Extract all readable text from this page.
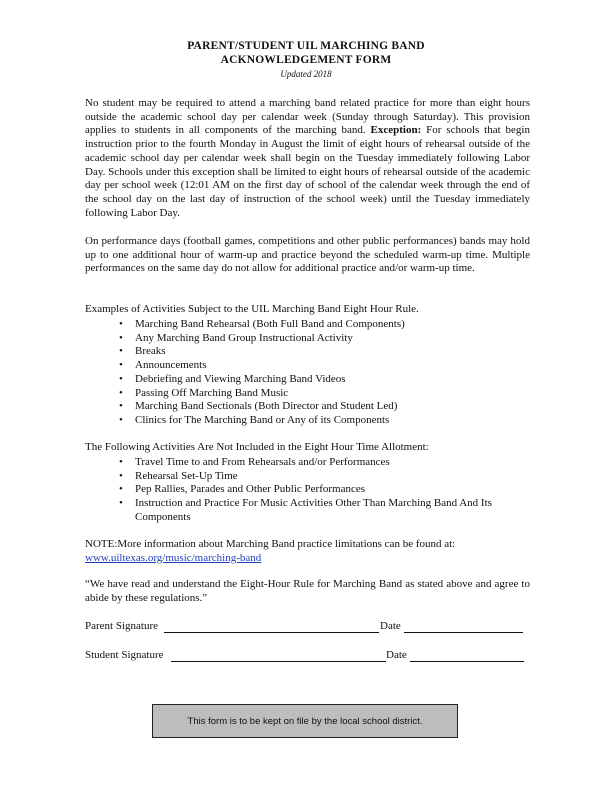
PARENT/STUDENT UIL MARCHING BAND
ACKNOWLEDGEMENT FORM
Updated 2018

No student may be required to attend a marching band related practice for more than eight hours outside the academic school day per calendar week (Sunday through Saturday). This provision applies to students in all components of the marching band. Exception: For schools that begin instruction prior to the fourth Monday in August the limit of eight hours of rehearsal outside of the academic school day per calendar week shall begin on the Tuesday immediately following Labor Day. Schools under this exception shall be limited to eight hours of rehearsal outside of the academic day per school week (12:01 AM on the first day of school of the calendar week through the end of the school day on the last day of instruction of the school week) until the Tuesday immediately following Labor Day.

On performance days (football games, competitions and other public performances) bands may hold up to one additional hour of warm-up and practice beyond the scheduled warm-up time. Multiple performances on the same day do not allow for additional practice and/or warm-up time.

Examples of Activities Subject to the UIL Marching Band Eight Hour Rule.
• Marching Band Rehearsal (Both Full Band and Components)
• Any Marching Band Group Instructional Activity
• Breaks
• Announcements
• Debriefing and Viewing Marching Band Videos
• Passing Off Marching Band Music
• Marching Band Sectionals (Both Director and Student Led)
• Clinics for The Marching Band or Any of its Components
The Following Activities Are Not Included in the Eight Hour Time Allotment:
• Travel Time to and From Rehearsals and/or Performances
• Rehearsal Set-Up Time
• Pep Rallies, Parades and Other Public Performances
• Instruction and Practice For Music Activities Other Than Marching Band And Its Components
NOTE:More information about Marching Band practice limitations can be found at:
www.uiltexas.org/music/marching-band

“We have read and understand the Eight-Hour Rule for Marching Band as stated above and agree to abide by these regulations.”

Parent Signature	Date
Student Signature	Date
This form is to be kept on file by the local school district.
